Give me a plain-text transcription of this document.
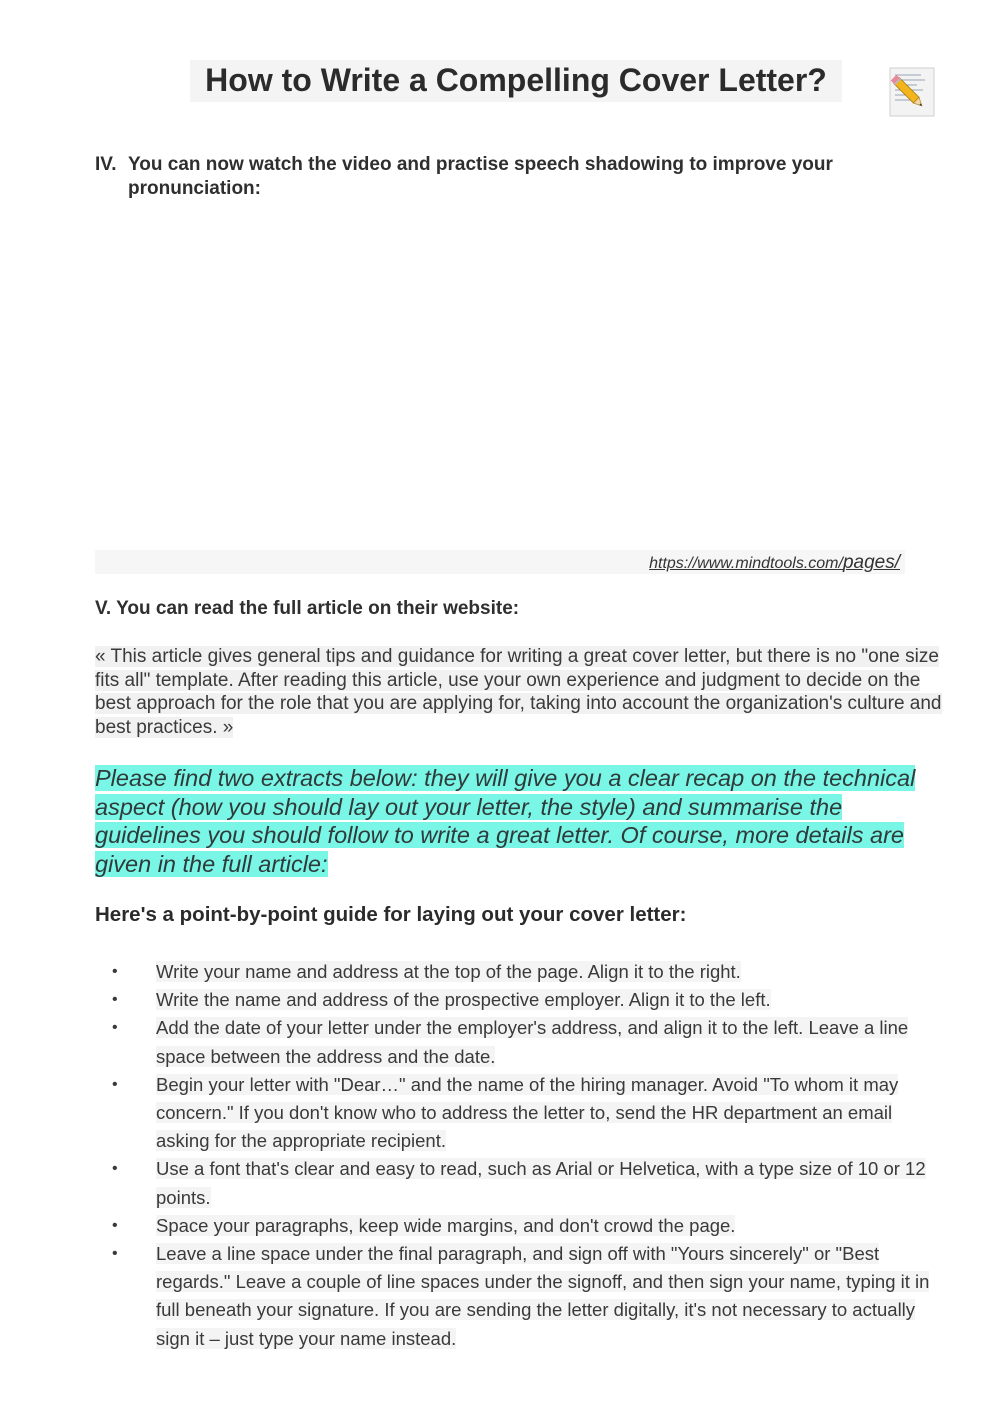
How to Write a Compelling Cover Letter?
IV. You can now watch the video and practise speech shadowing to improve your pronunciation:
https://www.mindtools.com/pages/
V. You can read the full article on their website:

« This article gives general tips and guidance for writing a great cover letter, but there is no "one size fits all" template. After reading this article, use your own experience and judgment to decide on the best approach for the role that you are applying for, taking into account the organization's culture and best practices. »

Please find two extracts below: they will give you a clear recap on the technical aspect (how you should lay out your letter, the style) and summarise the guidelines you should follow to write a great letter. Of course, more details are given in the full article:

Here's a point-by-point guide for laying out your cover letter:
• Write your name and address at the top of the page. Align it to the right.
• Write the name and address of the prospective employer. Align it to the left.
• Add the date of your letter under the employer's address, and align it to the left. Leave a line space between the address and the date.
• Begin your letter with "Dear…" and the name of the hiring manager. Avoid "To whom it may concern." If you don't know who to address the letter to, send the HR department an email asking for the appropriate recipient.
• Use a font that's clear and easy to read, such as Arial or Helvetica, with a type size of 10 or 12 points.
• Space your paragraphs, keep wide margins, and don't crowd the page.
• Leave a line space under the final paragraph, and sign off with "Yours sincerely" or "Best regards." Leave a couple of line spaces under the signoff, and then sign your name, typing it in full beneath your signature. If you are sending the letter digitally, it's not necessary to actually sign it – just type your name instead.
